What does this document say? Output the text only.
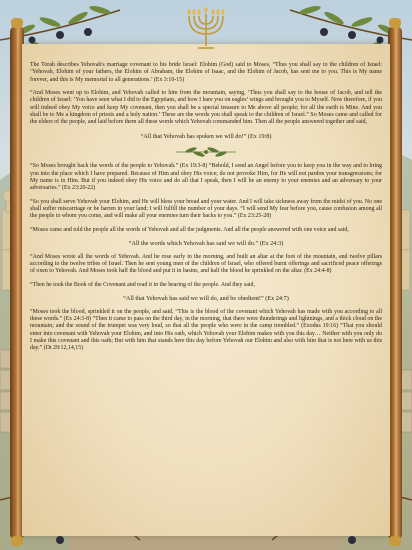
The Torah describes Yehovah's marriage covenant to his bride Israel: Elohim (God) said to Moses, “Thus you shall say to the children of Israel: ‘Yehovah, Elohim of your fathers, the Elohim of Abraham, the Elohim of Isaac, and the Elohim of Jacob, has sent me to you. This is My name forever, and this is My memorial to all generations.’ (Ex 3:10-15)

“And Moses went up to Elohim, and Yehovah called to him from the mountain, saying, ‘Thus you shall say to the house of Jacob, and tell the children of Israel: ‘You have seen what I did to the Egyptians, and how I bare you on eagles’ wings and brought you to Myself. Now therefore, if you will indeed obey My voice and keep My covenant, then you shall be a special treasure to Me above all people; for all the earth is Mine. And you shall be to Me a kingdom of priests and a holy nation.’ These are the words you shall speak to the children of Israel.” So Moses came and called for the elders of the people, and laid before them all these words which Yehovah commanded him. Then all the people answered together and said,

“All that Yehovah has spoken we will do!” (Ex 19:8)

“So Moses brought back the words of the people to Yehovah.” (Ex 19:3-8) “Behold, I send an Angel before you to keep you in the way and to bring you into the place which I have prepared. Because of Him and obey His voice; do not provoke Him, for He will not pardon your transgressions; for My name is in Him. But if you indeed obey His voice and do all that I speak, then I will be an enemy to your enemies and an adversary to your adversaries.” (Ex 23:20-22)

“So you shall serve Yehovah your Elohim, and He will bless your bread and your water. And I will take sickness away from the midst of you. No one shall suffer miscarriage or be barren in your land; I will fulfill the number of your days. “I will send My fear before you, cause confusion among all the people to whom you come, and will make all your enemies turn their backs to you.” (Ex 23:25-28)

“Moses came and told the people all the words of Yehovah and all the judgments. And all the people answered with one voice and said,

“All the words which Yehovah has said we will do.” (Ex 24:3)

“And Moses wrote all the words of Yehovah. And he rose early in the morning, and built an altar at the foot of the mountain, and twelve pillars according to the twelve tribes of Israel. Then he sent young men of the children of Israel, who offered burnt offerings and sacrificed peace offerings of oxen to Yehovah. And Moses took half the blood and put it in basins, and half the blood he sprinkled on the altar. (Ex 24:4-8)

“Then he took the Book of the Covenant and read it in the hearing of the people. And they said,

“All that Yehovah has said we will do, and be obedient!” (Ex 24:7)

“Moses took the blood, sprinkled it on the people, and said, “This is the blood of the covenant which Yehovah has made with you according to all these words.” (Ex 24:3-8) “Then it came to pass on the third day, in the morning, that there were thunderings and lightnings, and a thick cloud on the mountain; and the sound of the trumpet was very loud, so that all the people who were in the camp trembled.” (Exodus 19:16) “That you should enter into covenant with Yehovah your Elohim, and into His oath, which Yehovah your Elohim makes with you this day… Neither with you only do I make this covenant and this oath; But with him that stands here this day before Yehovah our Elohim and also with him that is not here with us this day.” (Dt 29:12,14,15)
